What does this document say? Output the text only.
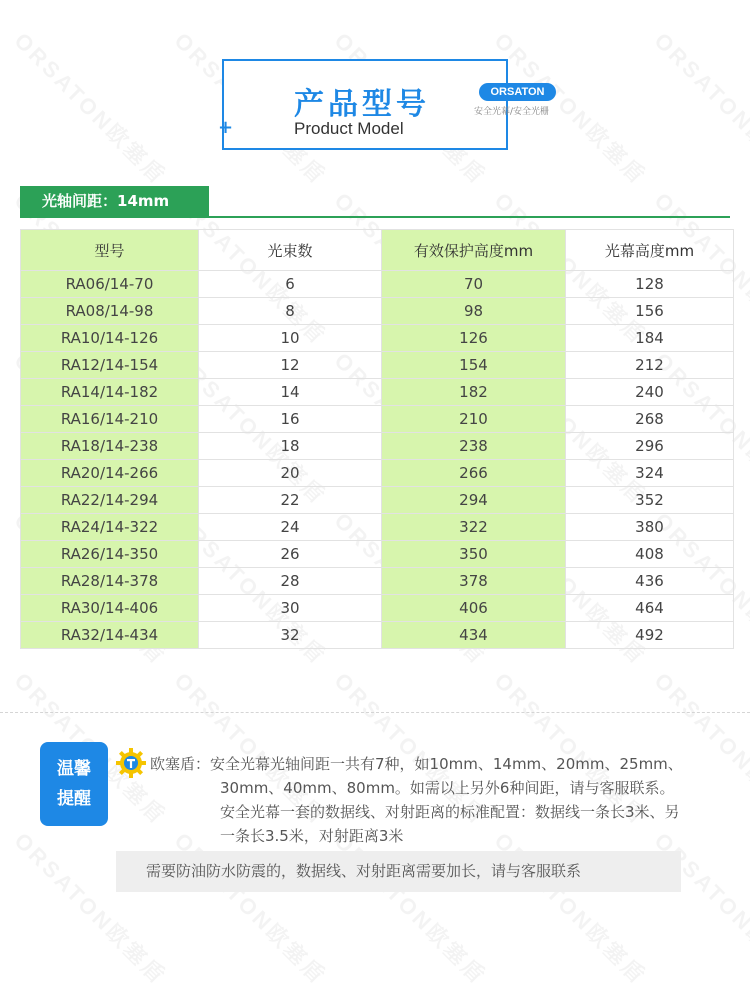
+
产品型号
Product Model
ORSATON
安全光幕/安全光栅
光轴间距：14mm
型号	光束数	有效保护高度mm	光幕高度mm
RA06/14-70	6	70	128
RA08/14-98	8	98	156
RA10/14-126	10	126	184
RA12/14-154	12	154	212
RA14/14-182	14	182	240
RA16/14-210	16	210	268
RA18/14-238	18	238	296
RA20/14-266	20	266	324
RA22/14-294	22	294	352
RA24/14-322	24	322	380
RA26/14-350	26	350	408
RA28/14-378	28	378	436
RA30/14-406	30	406	464
RA32/14-434	32	434	492
温馨
提醒
欧塞盾：安全光幕光轴间距一共有7种，如10mm、14mm、20mm、25mm、
30mm、40mm、80mm。如需以上另外6种间距，请与客服联系。
安全光幕一套的数据线、对射距离的标准配置：数据线一条长3米、另
一条长3.5米，对射距离3米
需要防油防水防震的，数据线、对射距离需要加长，请与客服联系
